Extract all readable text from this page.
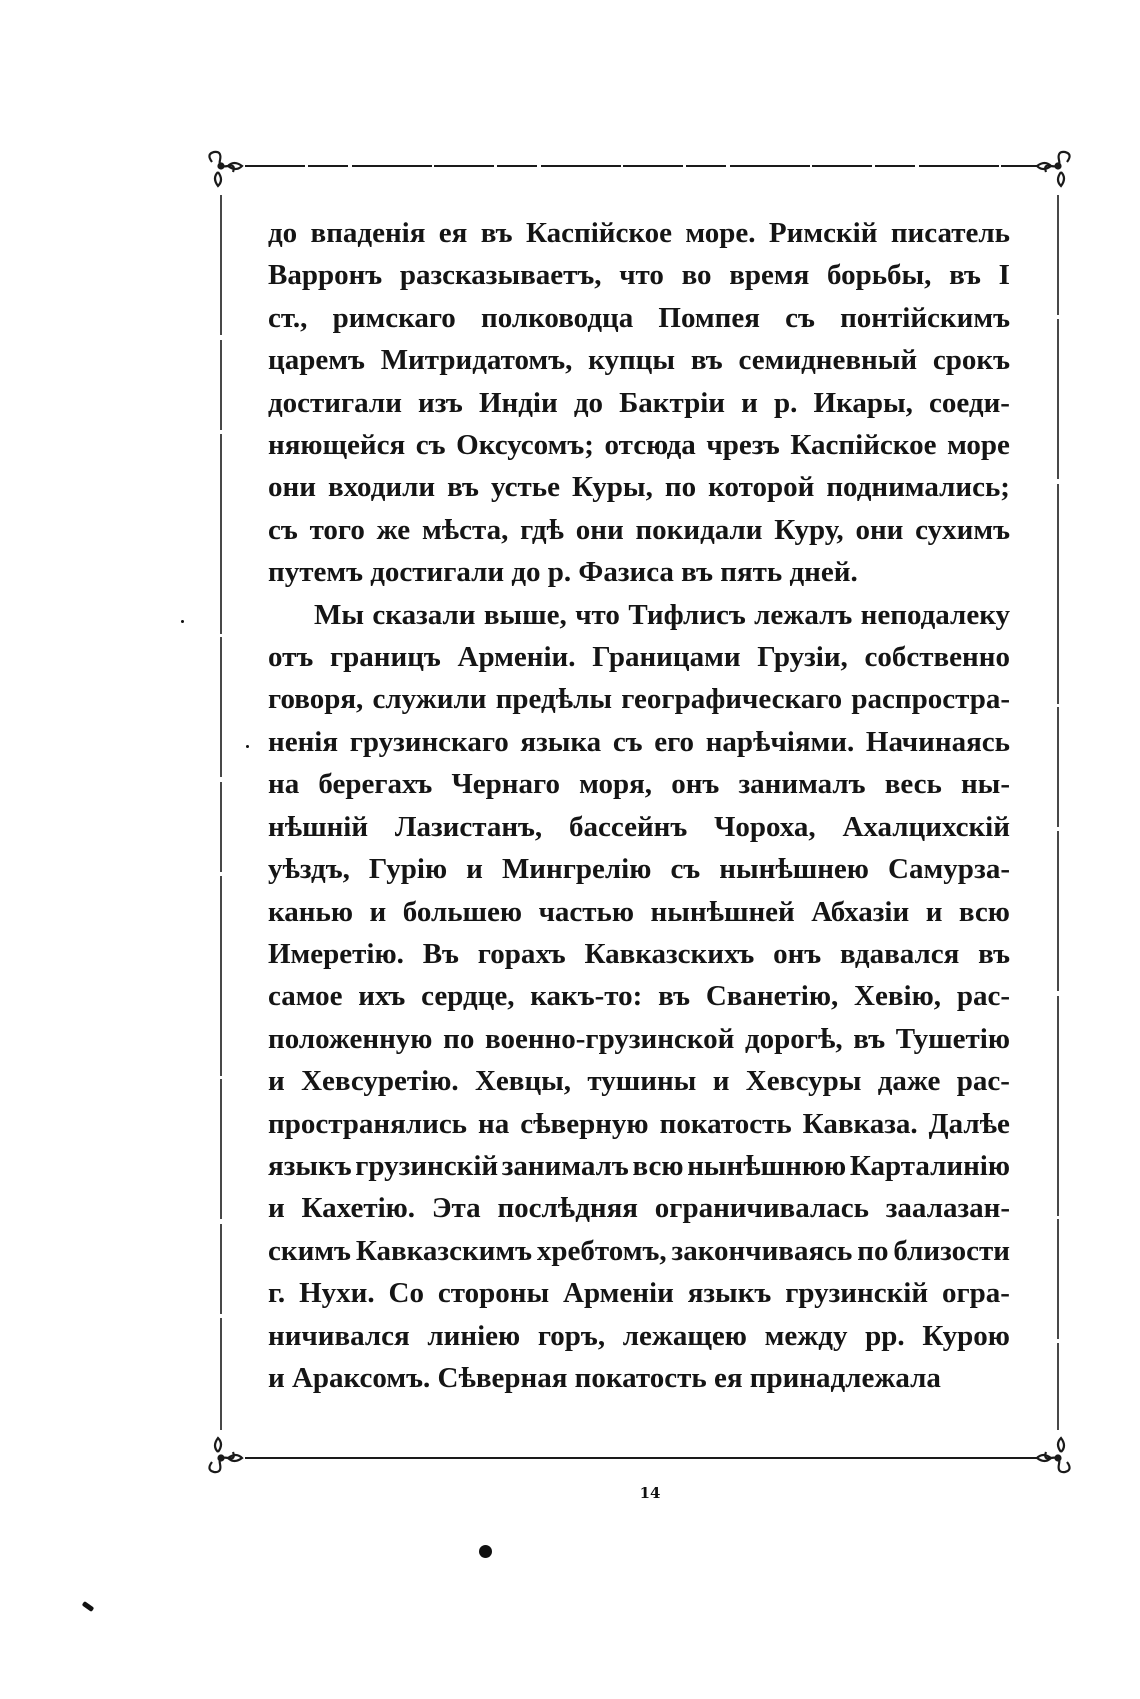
до впаденія ея въ Каспійское море. Римскій писатель
Варронъ разсказываетъ, что во время борьбы, въ I
ст., римскаго полководца Помпея съ понтійскимъ
царемъ Митридатомъ, купцы въ семидневный срокъ
достигали изъ Индіи до Бактріи и р. Икары, соеди-
няющейся съ Оксусомъ; отсюда чрезъ Каспійское море
они входили въ устье Куры, по которой поднимались;
съ того же мѣста, гдѣ они покидали Куру, они сухимъ
путемъ достигали до р. Фазиса въ пять дней.
Мы сказали выше, что Тифлисъ лежалъ неподалеку
отъ границъ Арменіи. Границами Грузіи, собственно
говоря, служили предѣлы географическаго распростра-
ненія грузинскаго языка съ его нарѣчіями. Начинаясь
на берегахъ Чернаго моря, онъ занималъ весь ны-
нѣшній Лазистанъ, бассейнъ Чороха, Ахалцихскій
уѣздъ, Гурію и Мингрелію съ нынѣшнею Самурза-
канью и большею частью нынѣшней Абхазіи и всю
Имеретію. Въ горахъ Кавказскихъ онъ вдавался въ
самое ихъ сердце, какъ-то: въ Сванетію, Хевію, рас-
положенную по военно-грузинской дорогѣ, въ Тушетію
и Хевсуретію. Хевцы, тушины и Хевсуры даже рас-
пространялись на сѣверную покатость Кавказа. Далѣе
языкъ грузинскій занималъ всю нынѣшнюю Карталинію
и Кахетію. Эта послѣдняя ограничивалась заалазан-
скимъ Кавказскимъ хребтомъ, закончиваясь по близости
г. Нухи. Со стороны Арменіи языкъ грузинскій огра-
ничивался линіею горъ, лежащею между рр. Курою
и Араксомъ. Сѣверная покатость ея принадлежала
14
